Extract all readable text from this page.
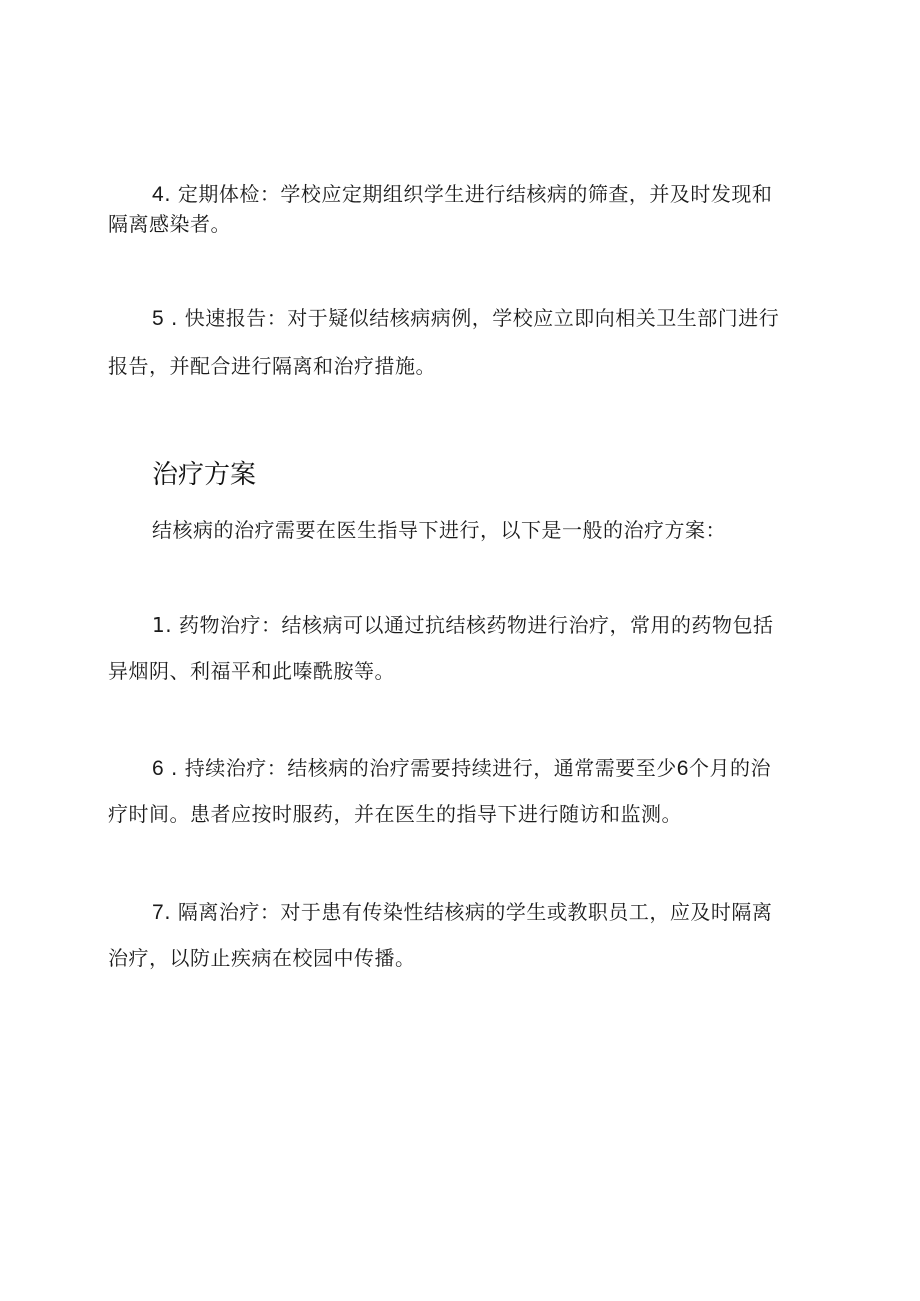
4. 定期体检：学校应定期组织学生进行结核病的筛查，并及时发现和
隔离感染者。
5 . 快速报告：对于疑似结核病病例，学校应立即向相关卫生部门进行
报告，并配合进行隔离和治疗措施。
治疗方案
结核病的治疗需要在医生指导下进行，以下是一般的治疗方案：
1. 药物治疗：结核病可以通过抗结核药物进行治疗，常用的药物包括
异烟阴、利福平和此嗪酰胺等。
6 . 持续治疗：结核病的治疗需要持续进行，通常需要至少6个月的治
疗时间。患者应按时服药，并在医生的指导下进行随访和监测。
7. 隔离治疗：对于患有传染性结核病的学生或教职员工，应及时隔离
治疗，以防止疾病在校园中传播。
